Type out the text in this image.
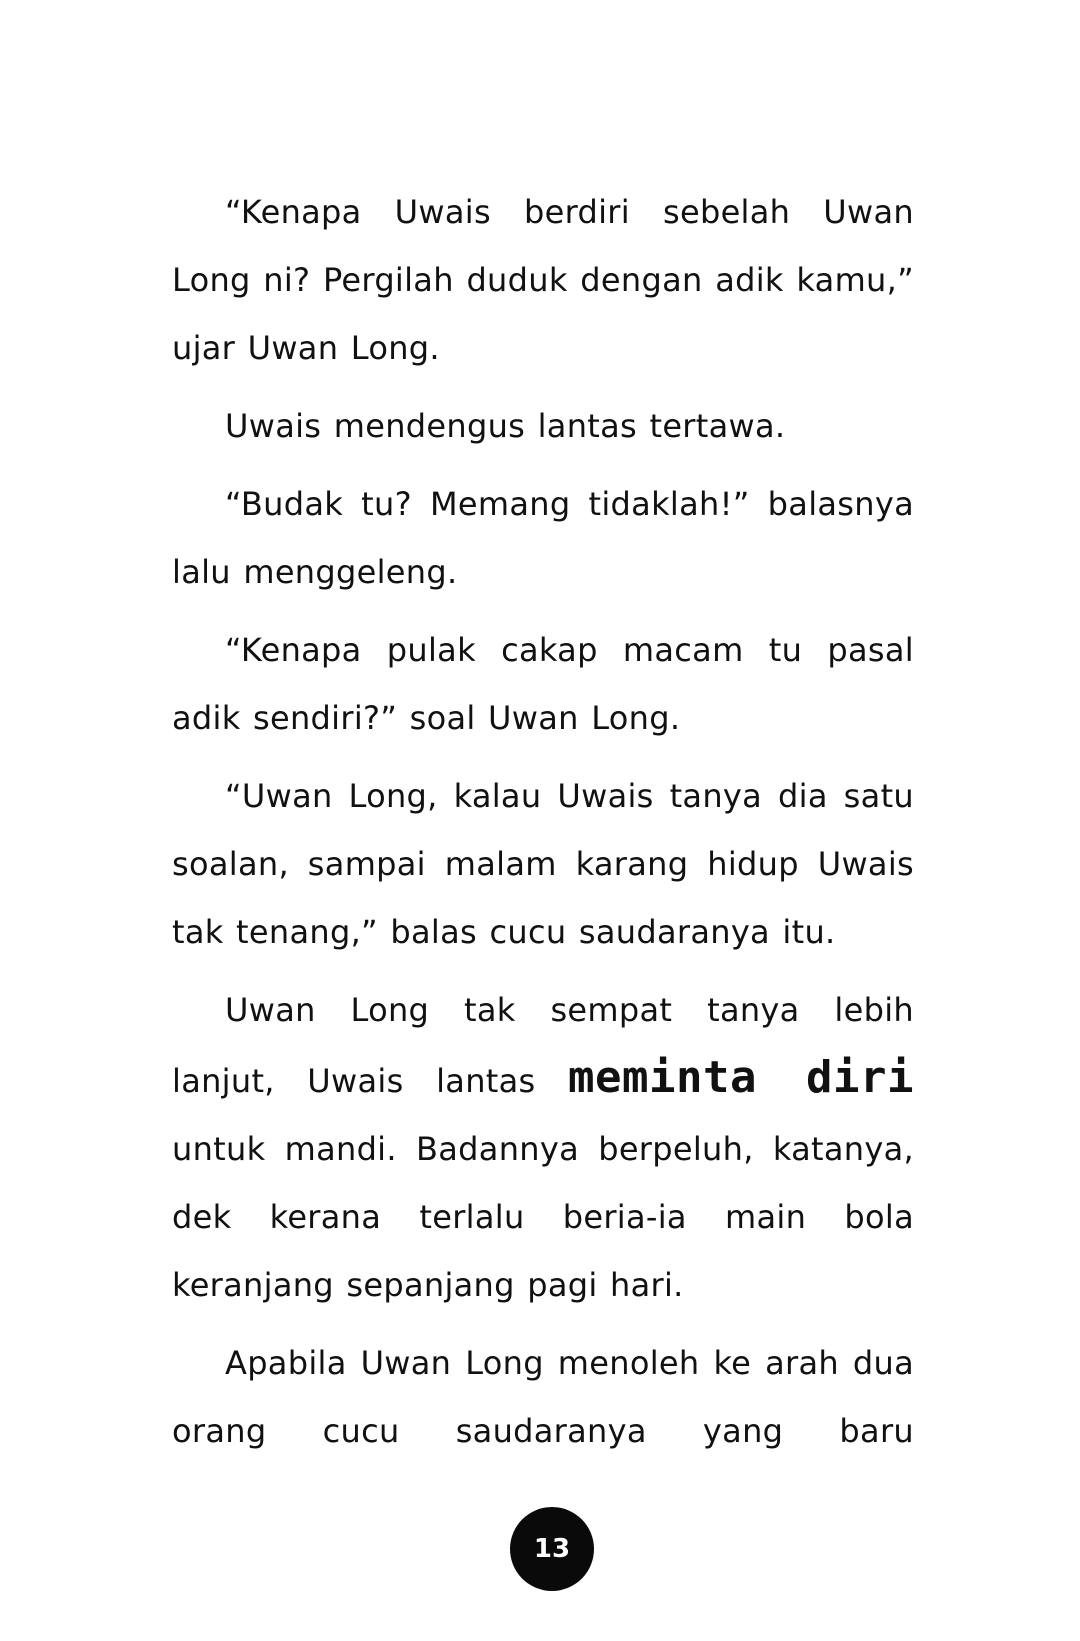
“Kenapa Uwais berdiri sebelah Uwan Long ni? Pergilah duduk dengan adik kamu,” ujar Uwan Long.

Uwais mendengus lantas tertawa.

“Budak tu? Memang tidaklah!” balasnya lalu menggeleng.

“Kenapa pulak cakap macam tu pasal adik sendiri?” soal Uwan Long.

“Uwan Long, kalau Uwais tanya dia satu soalan, sampai malam karang hidup Uwais tak tenang,” balas cucu saudaranya itu.

Uwan Long tak sempat tanya lebih lanjut, Uwais lantas meminta diri untuk mandi. Badannya berpeluh, katanya, dek kerana terlalu beria-ia main bola keranjang sepanjang pagi hari.

Apabila Uwan Long menoleh ke arah dua orang cucu saudaranya yang baru

13
